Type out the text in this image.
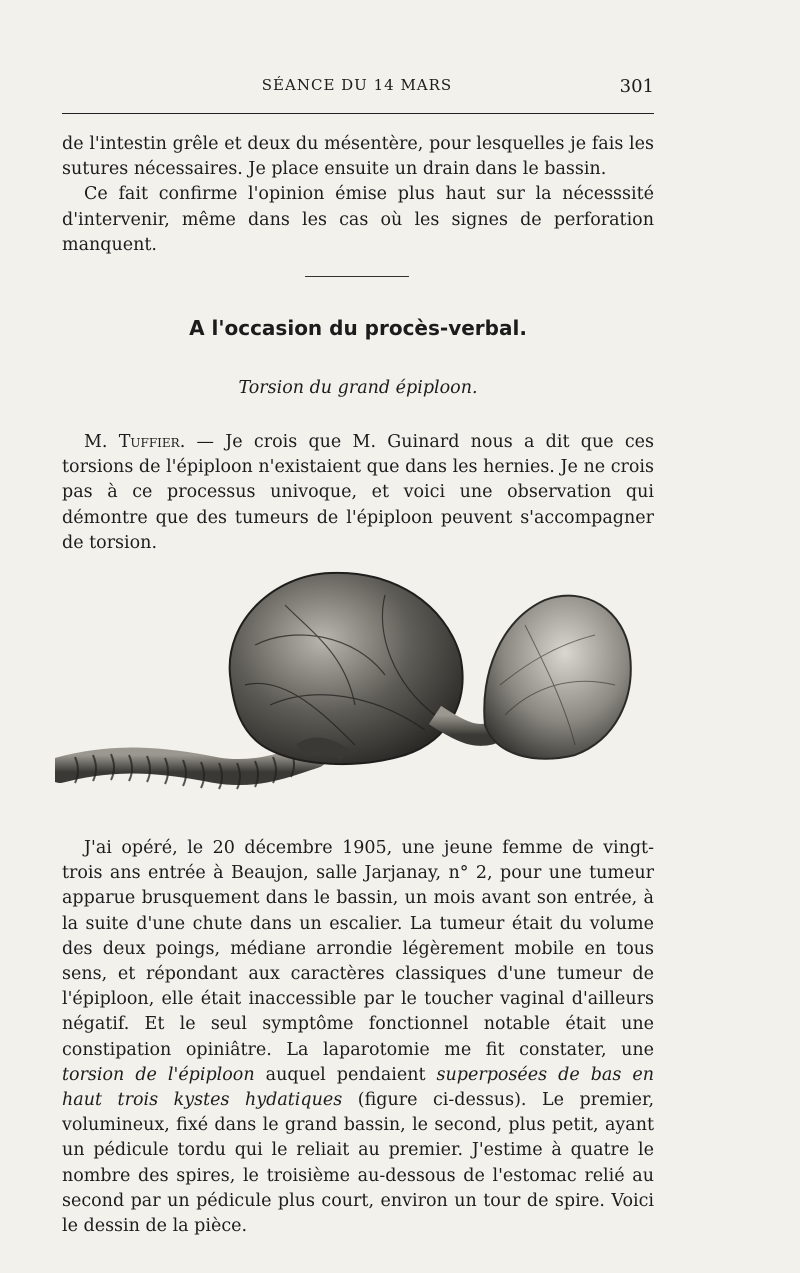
SÉANCE DU 14 MARS	301

de l'intestin grêle et deux du mésentère, pour lesquelles je fais les sutures nécessaires. Je place ensuite un drain dans le bassin.

Ce fait confirme l'opinion émise plus haut sur la nécesssité d'intervenir, même dans les cas où les signes de perforation manquent.

A l'occasion du procès-verbal.

Torsion du grand épiploon.

M. Tuffier. — Je crois que M. Guinard nous a dit que ces torsions de l'épiploon n'existaient que dans les hernies. Je ne crois pas à ce processus univoque, et voici une observation qui démontre que des tumeurs de l'épiploon peuvent s'accompagner de torsion.

J'ai opéré, le 20 décembre 1905, une jeune femme de vingt-trois ans entrée à Beaujon, salle Jarjanay, n° 2, pour une tumeur apparue brusquement dans le bassin, un mois avant son entrée, à la suite d'une chute dans un escalier. La tumeur était du volume des deux poings, médiane arrondie légèrement mobile en tous sens, et répondant aux caractères classiques d'une tumeur de l'épiploon, elle était inaccessible par le toucher vaginal d'ailleurs négatif. Et le seul symptôme fonctionnel notable était une constipation opiniâtre. La laparotomie me fit constater, une torsion de l'épiploon auquel pendaient superposées de bas en haut trois kystes hydatiques (figure ci-dessus). Le premier, volumineux, fixé dans le grand bassin, le second, plus petit, ayant un pédicule tordu qui le reliait au premier. J'estime à quatre le nombre des spires, le troisième au-dessous de l'estomac relié au second par un pédicule plus court, environ un tour de spire. Voici le dessin de la pièce.
